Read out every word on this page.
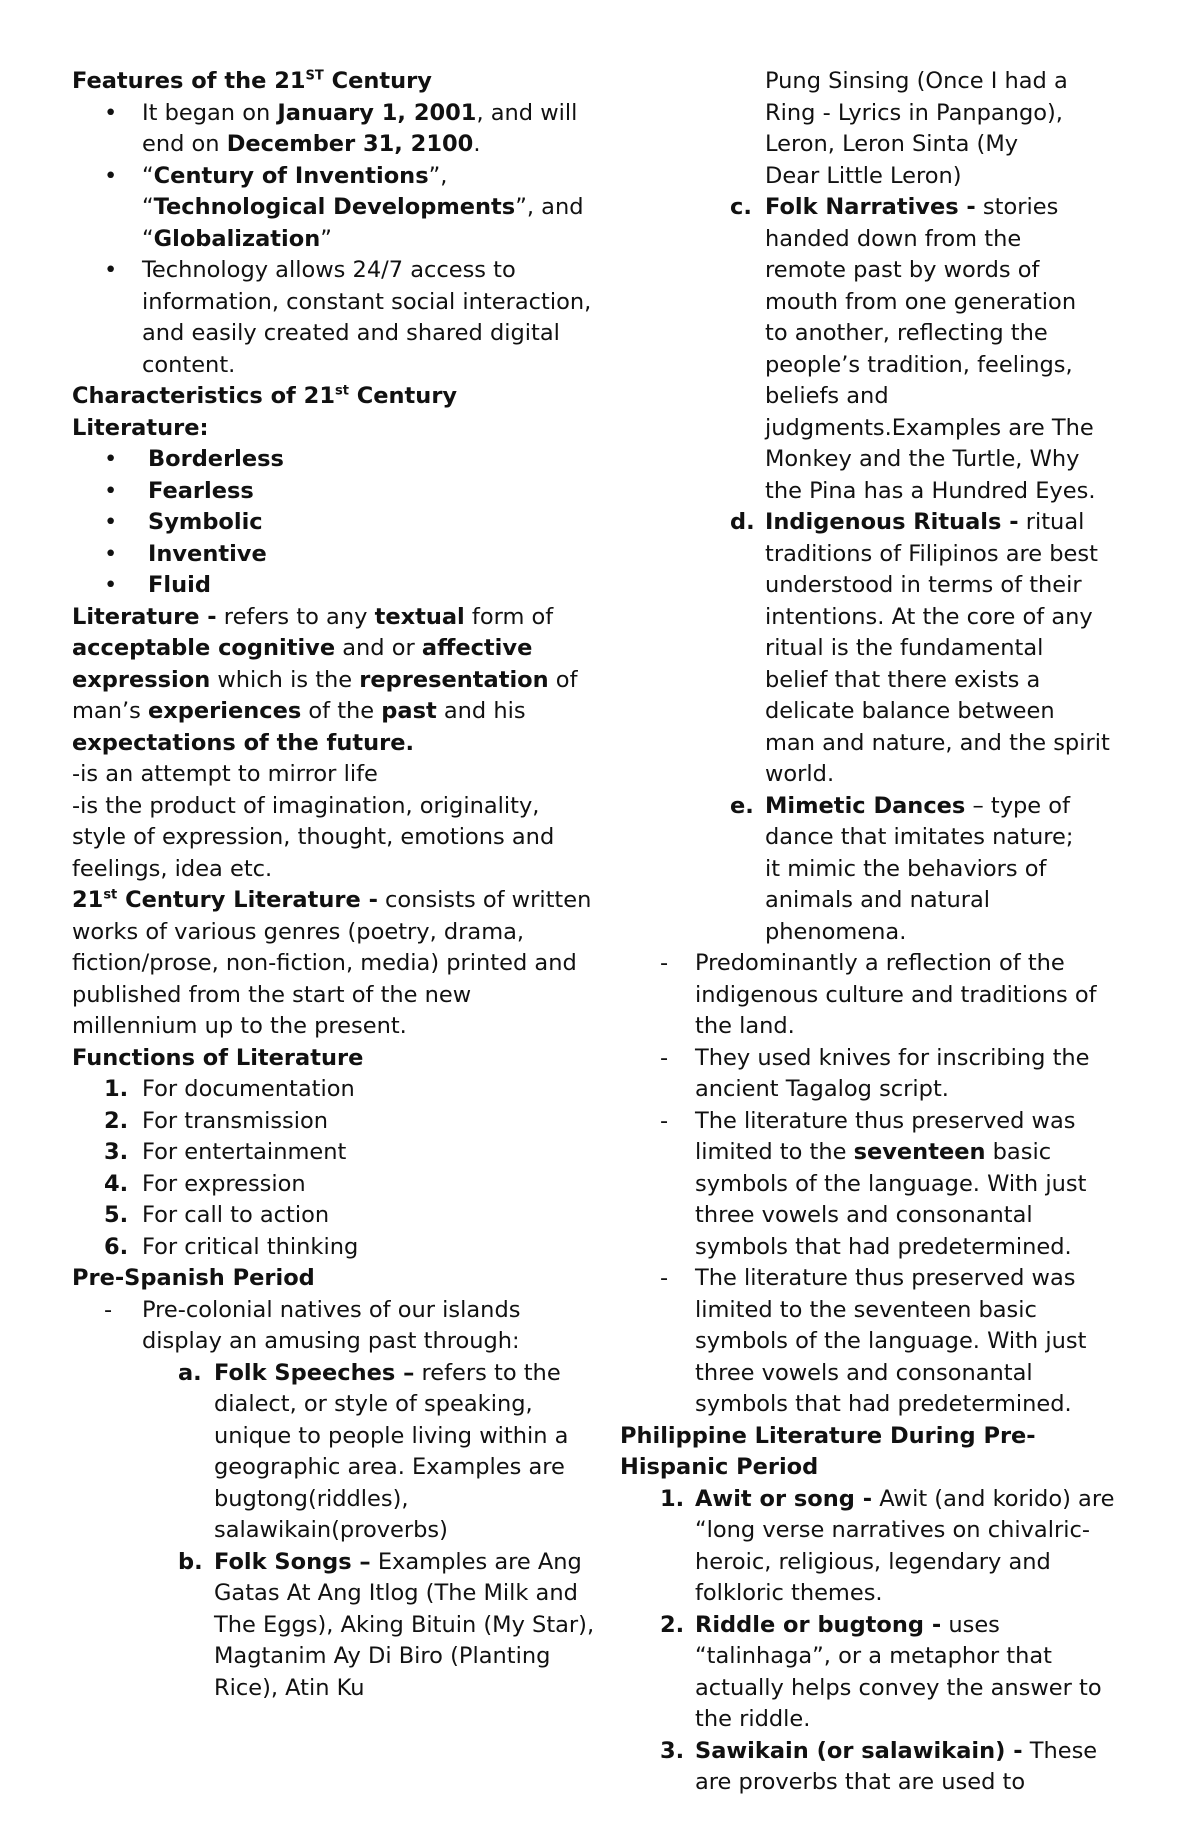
Features of the 21ST Century

•	It began on January 1, 2001, and will end on December 31, 2100.
•	“Century of Inventions”, “Technological Developments”, and “Globalization”
•	Technology allows 24/7 access to information, constant social interaction, and easily created and shared digital content.

Characteristics of 21st Century Literature:

•	Borderless
•	Fearless
•	Symbolic
•	Inventive
•	Fluid

Literature - refers to any textual form of acceptable cognitive and or affective expression which is the representation of man’s experiences of the past and his expectations of the future.

-is an attempt to mirror life

-is the product of imagination, originality, style of expression, thought, emotions and feelings, idea etc.

21st Century Literature - consists of written works of various genres (poetry, drama, fiction/prose, non-fiction, media) printed and published from the start of the new millennium up to the present.

Functions of Literature

1. For documentation
2. For transmission
3. For entertainment
4. For expression
5. For call to action
6. For critical thinking

Pre-Spanish Period

-	Pre-colonial natives of our islands display an amusing past through:
a. Folk Speeches – refers to the dialect, or style of speaking, unique to people living within a geographic area. Examples are bugtong(riddles), salawikain(proverbs)
b. Folk Songs – Examples are Ang Gatas At Ang Itlog (The Milk and The Eggs), Aking Bituin (My Star), Magtanim Ay Di Biro (Planting Rice), Atin Ku

Pung Sinsing (Once I had a Ring - Lyrics in Panpango), Leron, Leron Sinta (My Dear Little Leron)

c. Folk Narratives - stories handed down from the remote past by words of mouth from one generation to another, reflecting the people’s tradition, feelings, beliefs and judgments.Examples are The Monkey and the Turtle, Why the Pina has a Hundred Eyes.
d. Indigenous Rituals - ritual traditions of Filipinos are best understood in terms of their intentions. At the core of any ritual is the fundamental belief that there exists a delicate balance between man and nature, and the spirit world.
e. Mimetic Dances – type of dance that imitates nature; it mimic the behaviors of animals and natural phenomena.
-	Predominantly a reflection of the indigenous culture and traditions of the land.
-	They used knives for inscribing the ancient Tagalog script.
-	The literature thus preserved was limited to the seventeen basic symbols of the language. With just three vowels and consonantal symbols that had predetermined.
-	The literature thus preserved was limited to the seventeen basic symbols of the language. With just three vowels and consonantal symbols that had predetermined.

Philippine Literature During Pre-Hispanic Period

1. Awit or song - Awit (and korido) are “long verse narratives on chivalric-heroic, religious, legendary and folkloric themes.
2. Riddle or bugtong - uses “talinhaga”, or a metaphor that actually helps convey the answer to the riddle.
3. Sawikain (or salawikain) - These are proverbs that are used to
